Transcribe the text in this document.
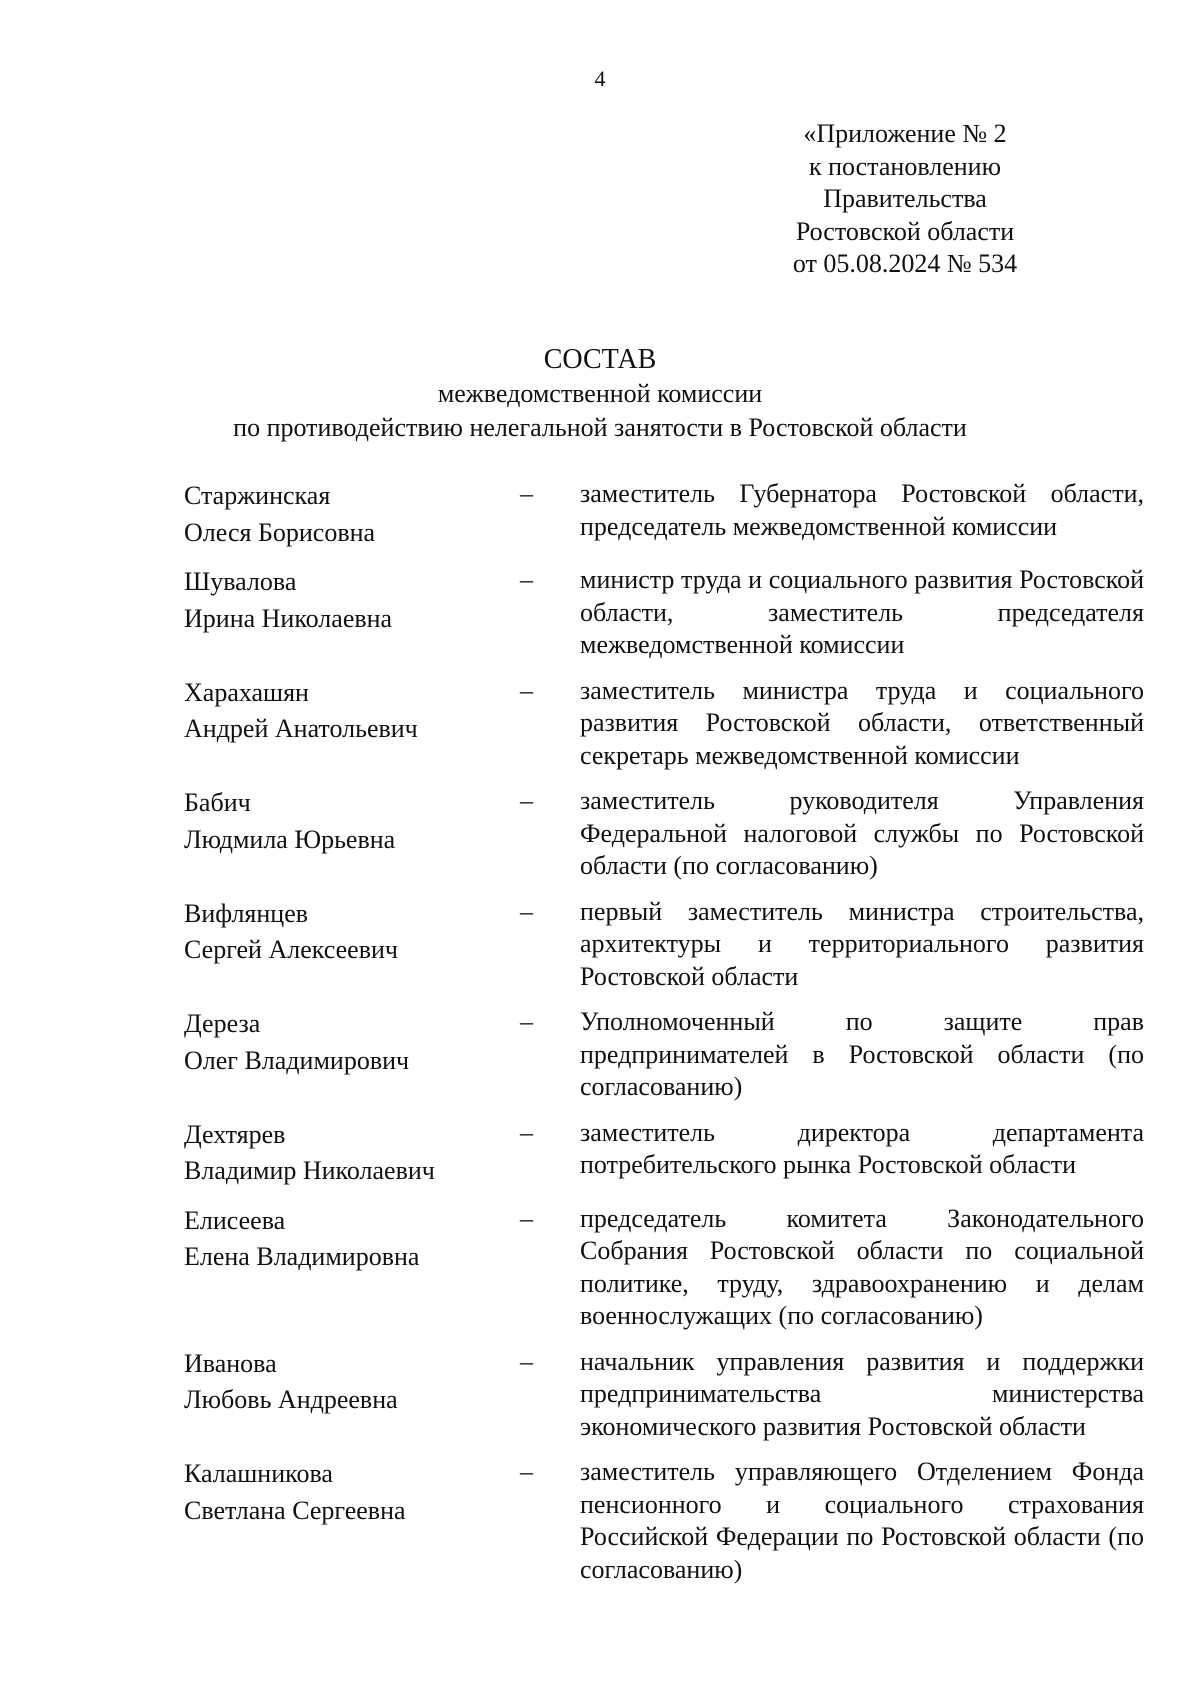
4
«Приложение № 2
к постановлению
Правительства
Ростовской области
от 05.08.2024 № 534
СОСТАВ
межведомственной комиссии
по противодействию нелегальной занятости в Ростовской области
Старжинская
Олеся Борисовна
–	заместитель Губернатора Ростовской области, председатель межведомственной комиссии
Шувалова
Ирина Николаевна
–	министр труда и социального развития Ростовской области, заместитель председателя межведомственной комиссии
Харахашян
Андрей Анатольевич
–	заместитель министра труда и социального развития Ростовской области, ответственный секретарь межведомственной комиссии
Бабич
Людмила Юрьевна
–	заместитель руководителя Управления Федеральной налоговой службы по Ростовской области (по согласованию)
Вифлянцев
Сергей Алексеевич
–	первый заместитель министра строительства, архитектуры и территориального развития Ростовской области
Дереза
Олег Владимирович
–	Уполномоченный по защите прав предпринимателей в Ростовской области (по согласованию)
Дехтярев
Владимир Николаевич
–	заместитель директора департамента потребительского рынка Ростовской области
Елисеева
Елена Владимировна
–	председатель комитета Законодательного Собрания Ростовской области по социальной политике, труду, здравоохранению и делам военнослужащих (по согласованию)
Иванова
Любовь Андреевна
–	начальник управления развития и поддержки предпринимательства министерства экономического развития Ростовской области
Калашникова
Светлана Сергеевна
–	заместитель управляющего Отделением Фонда пенсионного и социального страхования Российской Федерации по Ростовской области (по согласованию)
